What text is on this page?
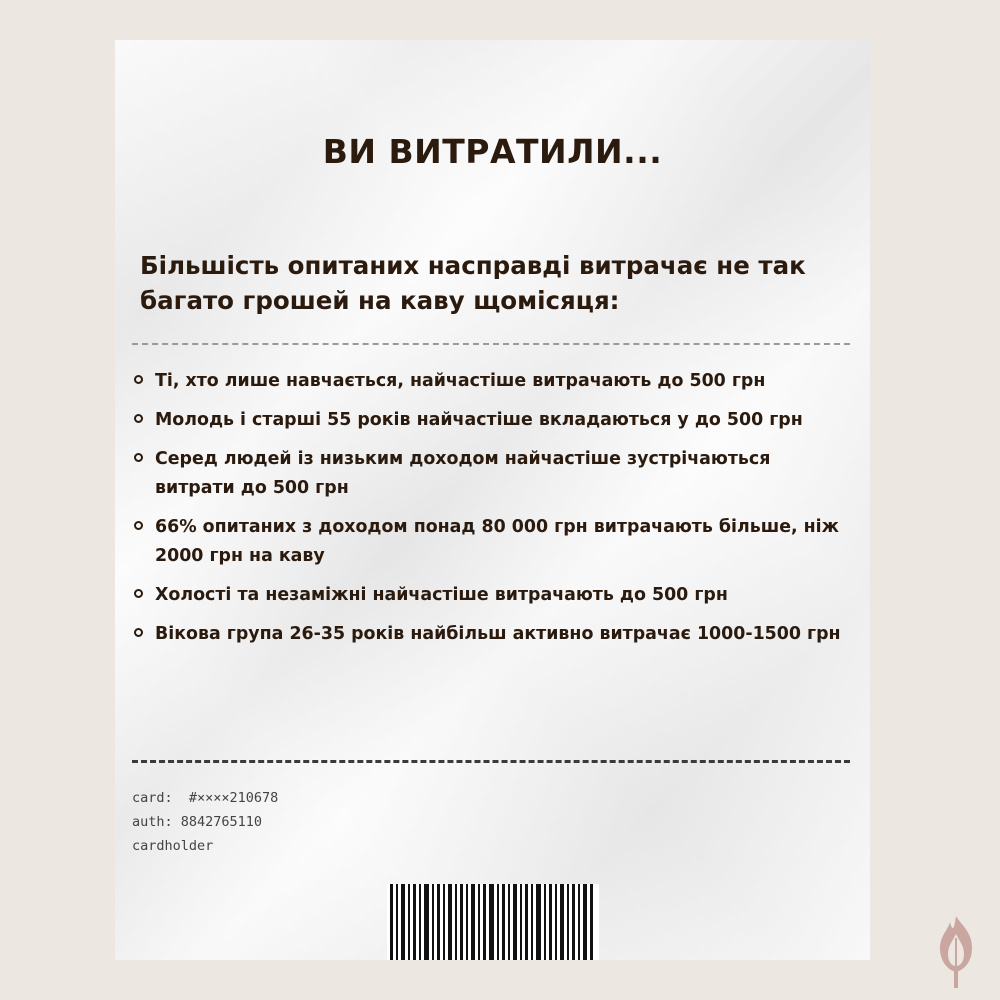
ВИ ВИТРАТИЛИ...
Більшість опитаних насправді витрачає не так багато грошей на каву щомісяця:
Ті, хто лише навчається, найчастіше витрачають до 500 грн
Молодь і старші 55 років найчастіше вкладаються у до 500 грн
Серед людей із низьким доходом найчастіше зустрічаються витрати до 500 грн
66% опитаних з доходом понад 80 000 грн витрачають більше, ніж 2000 грн на каву
Холості та незаміжні найчастіше витрачають до 500 грн
Вікова група 26-35 років найбільш активно витрачає 1000-1500 грн
card:  #××××210678
auth: 8842765110
cardholder
